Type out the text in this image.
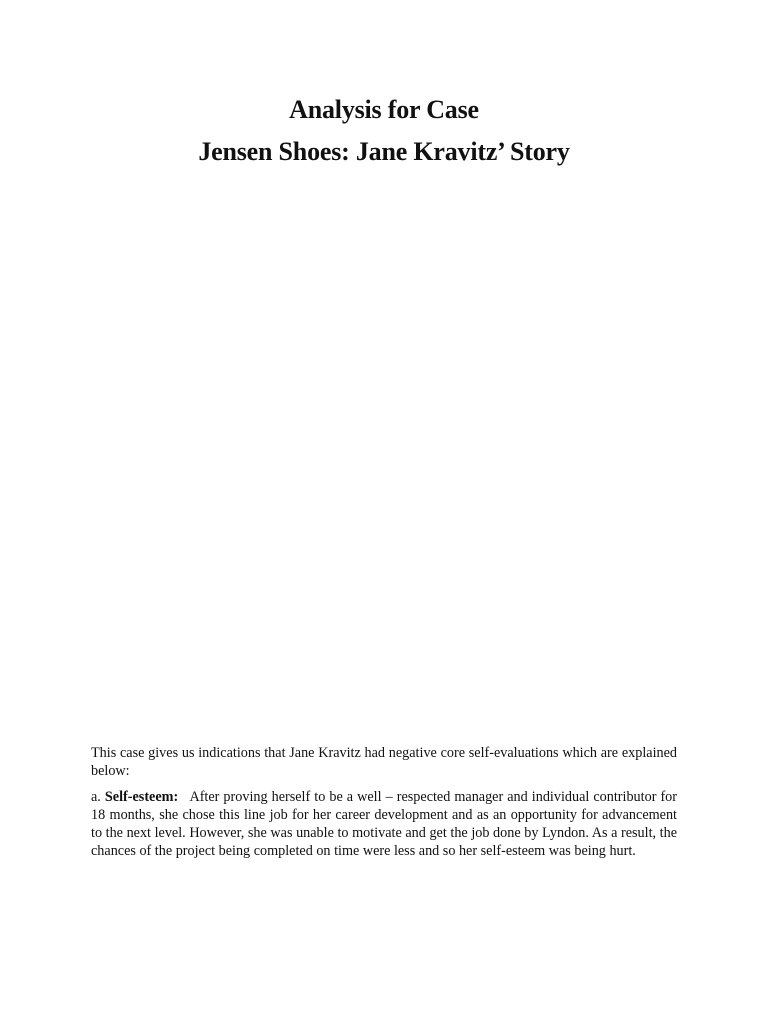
Analysis for Case
Jensen Shoes: Jane Kravitz’ Story

This case gives us indications that Jane Kravitz had negative core self-evaluations which are explained below:

a. Self-esteem: After proving herself to be a well – respected manager and individual contributor for 18 months, she chose this line job for her career development and as an opportunity for advancement to the next level. However, she was unable to motivate and get the job done by Lyndon. As a result, the chances of the project being completed on time were less and so her self-esteem was being hurt.
